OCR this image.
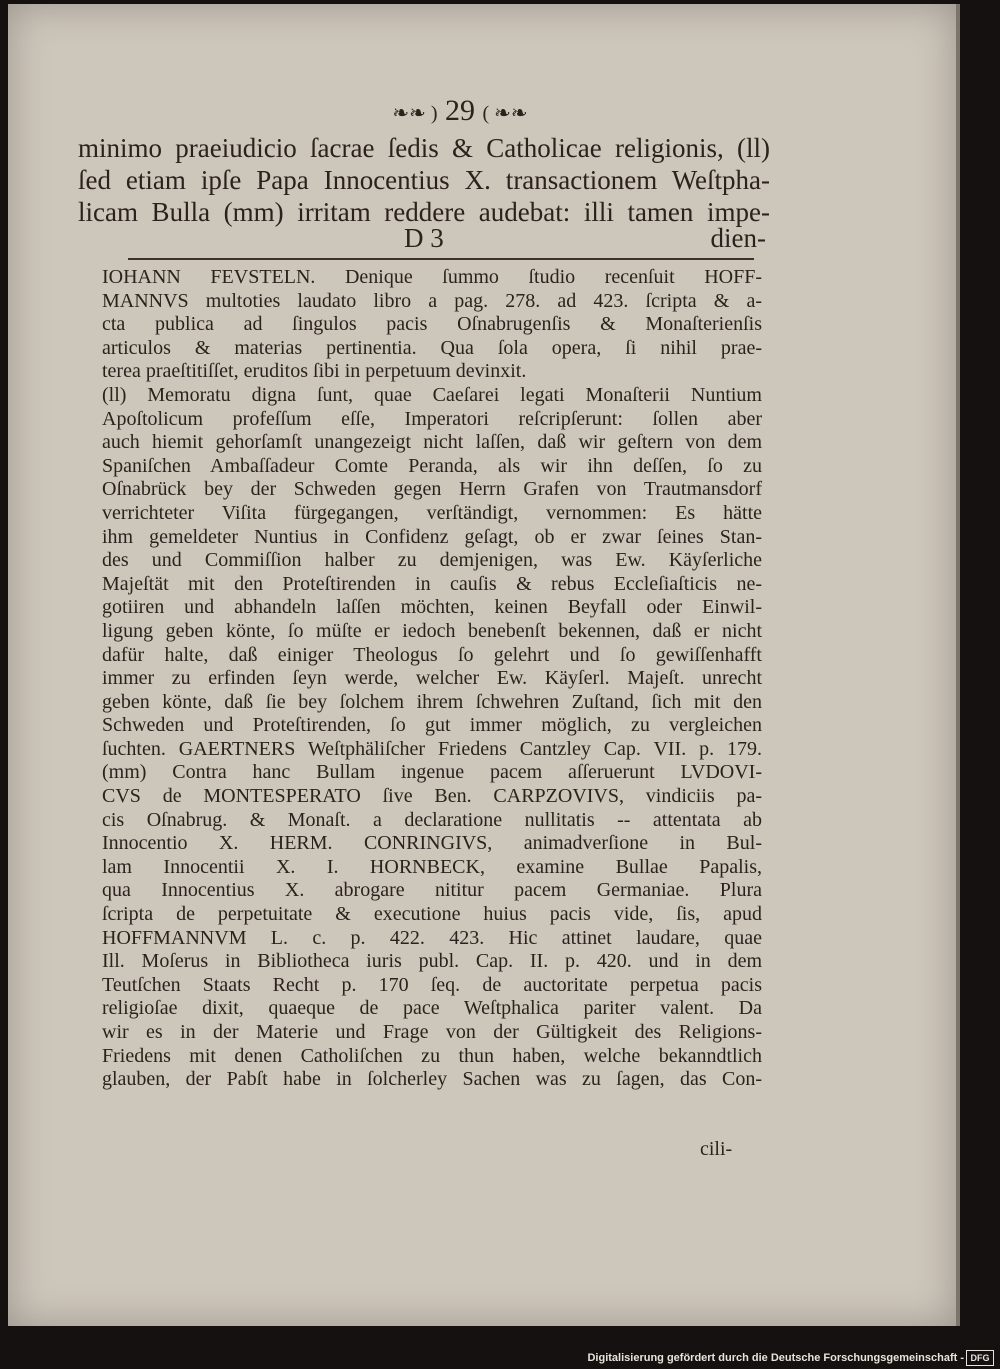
❧❧ ) 29 ( ❧❧

minimo praeiudicio ſacrae ſedis & Catholicae religionis, (ll)

ſed etiam ipſe Papa Innocentius X. transactionem Weſtpha-

licam Bulla (mm) irritam reddere audebat: illi tamen impe-

D 3	dien-

IOHANN FEVSTELN. Denique ſummo ſtudio recenſuit HOFF-

MANNVS multoties laudato libro a pag. 278. ad 423. ſcripta & a-

cta publica ad ſingulos pacis Oſnabrugenſis & Monaſterienſis

articulos & materias pertinentia. Qua ſola opera, ſi nihil prae-

terea praeſtitiſſet, eruditos ſibi in perpetuum devinxit.

(ll) Memoratu digna ſunt, quae Caeſarei legati Monaſterii Nuntium

Apoſtolicum profeſſum eſſe, Imperatori reſcripſerunt: ſollen aber

auch hiemit gehorſamſt unangezeigt nicht laſſen, daß wir geſtern von dem

Spaniſchen Ambaſſadeur Comte Peranda, als wir ihn deſſen, ſo zu

Oſnabrück bey der Schweden gegen Herrn Grafen von Trautmansdorf

verrichteter Viſita fürgegangen, verſtändigt, vernommen: Es hätte

ihm gemeldeter Nuntius in Confidenz geſagt, ob er zwar ſeines Stan-

des und Commiſſion halber zu demjenigen, was Ew. Käyſerliche

Majeſtät mit den Proteſtirenden in cauſis & rebus Eccleſiaſticis ne-

gotiiren und abhandeln laſſen möchten, keinen Beyfall oder Einwil-

ligung geben könte, ſo müſte er iedoch benebenſt bekennen, daß er nicht

dafür halte, daß einiger Theologus ſo gelehrt und ſo gewiſſenhafft

immer zu erfinden ſeyn werde, welcher Ew. Käyſerl. Majeſt. unrecht

geben könte, daß ſie bey ſolchem ihrem ſchwehren Zuſtand, ſich mit den

Schweden und Proteſtirenden, ſo gut immer möglich, zu vergleichen

ſuchten. GAERTNERS Weſtphäliſcher Friedens Cantzley Cap. VII. p. 179.

(mm) Contra hanc Bullam ingenue pacem aſſeruerunt LVDOVI-

CVS de MONTESPERATO ſive Ben. CARPZOVIVS, vindiciis pa-

cis Oſnabrug. & Monaſt. a declaratione nullitatis -- attentata ab

Innocentio X. HERM. CONRINGIVS, animadverſione in Bul-

lam Innocentii X. I. HORNBECK, examine Bullae Papalis,

qua Innocentius X. abrogare nititur pacem Germaniae. Plura

ſcripta de perpetuitate & executione huius pacis vide, ſis, apud

HOFFMANNVM L. c. p. 422. 423. Hic attinet laudare, quae

Ill. Moſerus in Bibliotheca iuris publ. Cap. II. p. 420. und in dem

Teutſchen Staats Recht p. 170 ſeq. de auctoritate perpetua pacis

religioſae dixit, quaeque de pace Weſtphalica pariter valent. Da

wir es in der Materie und Frage von der Gültigkeit des Religions-

Friedens mit denen Catholiſchen zu thun haben, welche bekanndtlich

glauben, der Pabſt habe in ſolcherley Sachen was zu ſagen, das Con-

cili-
Digitalisierung gefördert durch die Deutsche Forschungsgemeinschaft - DFG
